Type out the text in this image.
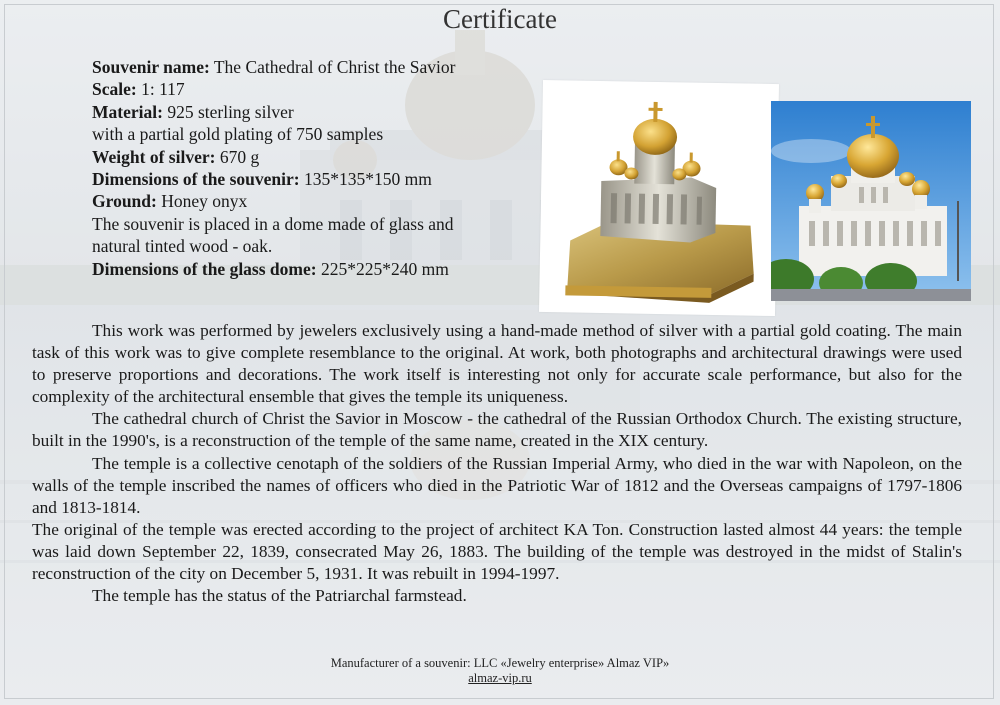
Certificate
Souvenir name: The Cathedral of Christ the Savior
Scale: 1: 117
Material: 925 sterling silver
with a partial gold plating of 750 samples
Weight of silver: 670 g
Dimensions of the souvenir: 135*135*150 mm
Ground: Honey onyx
The souvenir is placed in a dome made of glass and
natural tinted wood - oak.
Dimensions of the glass dome: 225*225*240 mm

This work was performed by jewelers exclusively using a hand-made method of silver with a partial gold coating. The main task of this work was to give complete resemblance to the original. At work, both photographs and architectural drawings were used to preserve proportions and decorations. The work itself is interesting not only for accurate scale performance, but also for the complexity of the architectural ensemble that gives the temple its uniqueness.

The cathedral church of Christ the Savior in Moscow - the cathedral of the Russian Orthodox Church. The existing structure, built in the 1990's, is a reconstruction of the temple of the same name, created in the XIX century.

The temple is a collective cenotaph of the soldiers of the Russian Imperial Army, who died in the war with Napoleon, on the walls of the temple inscribed the names of officers who died in the Patriotic War of 1812 and the Overseas campaigns of 1797-1806 and 1813-1814.

The original of the temple was erected according to the project of architect KA Ton. Construction lasted almost 44 years: the temple was laid down September 22, 1839, consecrated May 26, 1883. The building of the temple was destroyed in the midst of Stalin's reconstruction of the city on December 5, 1931. It was rebuilt in 1994-1997.

The temple has the status of the Patriarchal farmstead.

Manufacturer of a souvenir: LLC «Jewelry enterprise» Almaz VIP»
almaz-vip.ru
